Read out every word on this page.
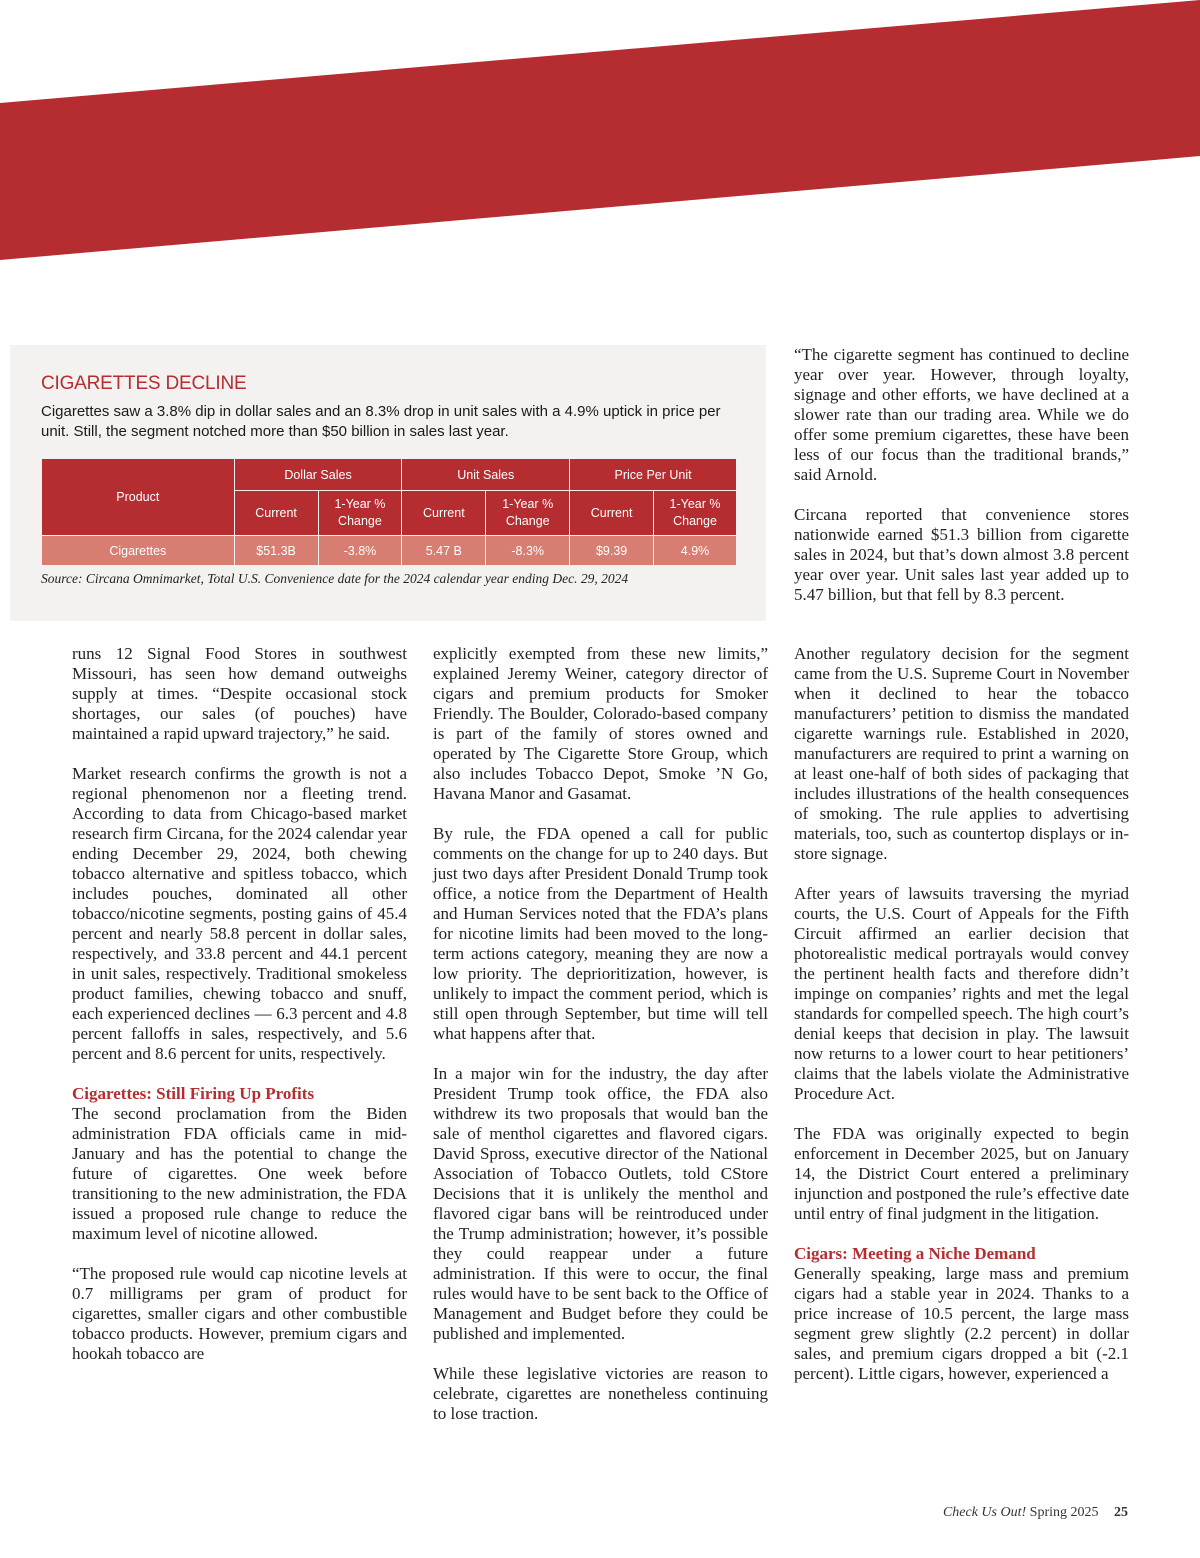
CIGARETTES DECLINE
Cigarettes saw a 3.8% dip in dollar sales and an 8.3% drop in unit sales with a 4.9% uptick in price per unit. Still, the segment notched more than $50 billion in sales last year.
Product	Dollar Sales		Unit Sales		Price Per Unit	
	Current	1-Year % Change	Current	1-Year % Change	Current	1-Year % Change
Cigarettes	$51.3B	-3.8%	5.47 B	-8.3%	$9.39	4.9%
Source: Circana Omnimarket, Total U.S. Convenience date for the 2024 calendar year ending Dec. 29, 2024

runs 12 Signal Food Stores in southwest Missouri, has seen how demand outweighs supply at times. “Despite occasional stock shortages, our sales (of pouches) have maintained a rapid upward trajectory,” he said.

Market research confirms the growth is not a regional phenomenon nor a fleeting trend. According to data from Chicago-based market research firm Circana, for the 2024 calendar year ending December 29, 2024, both chewing tobacco alternative and spitless tobacco, which includes pouches, dominated all other tobacco/nicotine segments, posting gains of 45.4 percent and nearly 58.8 percent in dollar sales, respectively, and 33.8 percent and 44.1 percent in unit sales, respectively. Traditional smokeless product families, chewing tobacco and snuff, each experienced declines — 6.3 percent and 4.8 percent falloffs in sales, respectively, and 5.6 percent and 8.6 percent for units, respectively.

Cigarettes: Still Firing Up Profits

The second proclamation from the Biden administration FDA officials came in mid-January and has the potential to change the future of cigarettes. One week before transitioning to the new administration, the FDA issued a proposed rule change to reduce the maximum level of nicotine allowed.

“The proposed rule would cap nicotine levels at 0.7 milligrams per gram of product for cigarettes, smaller cigars and other combustible tobacco products. However, premium cigars and hookah tobacco are

explicitly exempted from these new limits,” explained Jeremy Weiner, category director of cigars and premium products for Smoker Friendly. The Boulder, Colorado-based company is part of the family of stores owned and operated by The Cigarette Store Group, which also includes Tobacco Depot, Smoke ’N Go, Havana Manor and Gasamat.

By rule, the FDA opened a call for public comments on the change for up to 240 days. But just two days after President Donald Trump took office, a notice from the Department of Health and Human Services noted that the FDA’s plans for nicotine limits had been moved to the long-term actions category, meaning they are now a low priority. The deprioritization, however, is unlikely to impact the comment period, which is still open through September, but time will tell what happens after that.

In a major win for the industry, the day after President Trump took office, the FDA also withdrew its two proposals that would ban the sale of menthol cigarettes and flavored cigars. David Spross, executive director of the National Association of Tobacco Outlets, told CStore Decisions that it is unlikely the menthol and flavored cigar bans will be reintroduced under the Trump administration; however, it’s possible they could reappear under a future administration. If this were to occur, the final rules would have to be sent back to the Office of Management and Budget before they could be published and implemented.

While these legislative victories are reason to celebrate, cigarettes are nonetheless continuing to lose traction.

“The cigarette segment has continued to decline year over year. However, through loyalty, signage and other efforts, we have declined at a slower rate than our trading area. While we do offer some premium cigarettes, these have been less of our focus than the traditional brands,” said Arnold.

Circana reported that convenience stores nationwide earned $51.3 billion from cigarette sales in 2024, but that’s down almost 3.8 percent year over year. Unit sales last year added up to 5.47 billion, but that fell by 8.3 percent.

Another regulatory decision for the segment came from the U.S. Supreme Court in November when it declined to hear the tobacco manufacturers’ petition to dismiss the mandated cigarette warnings rule. Established in 2020, manufacturers are required to print a warning on at least one-half of both sides of packaging that includes illustrations of the health consequences of smoking. The rule applies to advertising materials, too, such as countertop displays or in-store signage.

After years of lawsuits traversing the myriad courts, the U.S. Court of Appeals for the Fifth Circuit affirmed an earlier decision that photorealistic medical portrayals would convey the pertinent health facts and therefore didn’t impinge on companies’ rights and met the legal standards for compelled speech. The high court’s denial keeps that decision in play. The lawsuit now returns to a lower court to hear petitioners’ claims that the labels violate the Administrative Procedure Act.

The FDA was originally expected to begin enforcement in December 2025, but on January 14, the District Court entered a preliminary injunction and postponed the rule’s effective date until entry of final judgment in the litigation.

Cigars: Meeting a Niche Demand

Generally speaking, large mass and premium cigars had a stable year in 2024. Thanks to a price increase of 10.5 percent, the large mass segment grew slightly (2.2 percent) in dollar sales, and premium cigars dropped a bit (-2.1 percent). Little cigars, however, experienced a

Check Us Out! Spring 2025 25
